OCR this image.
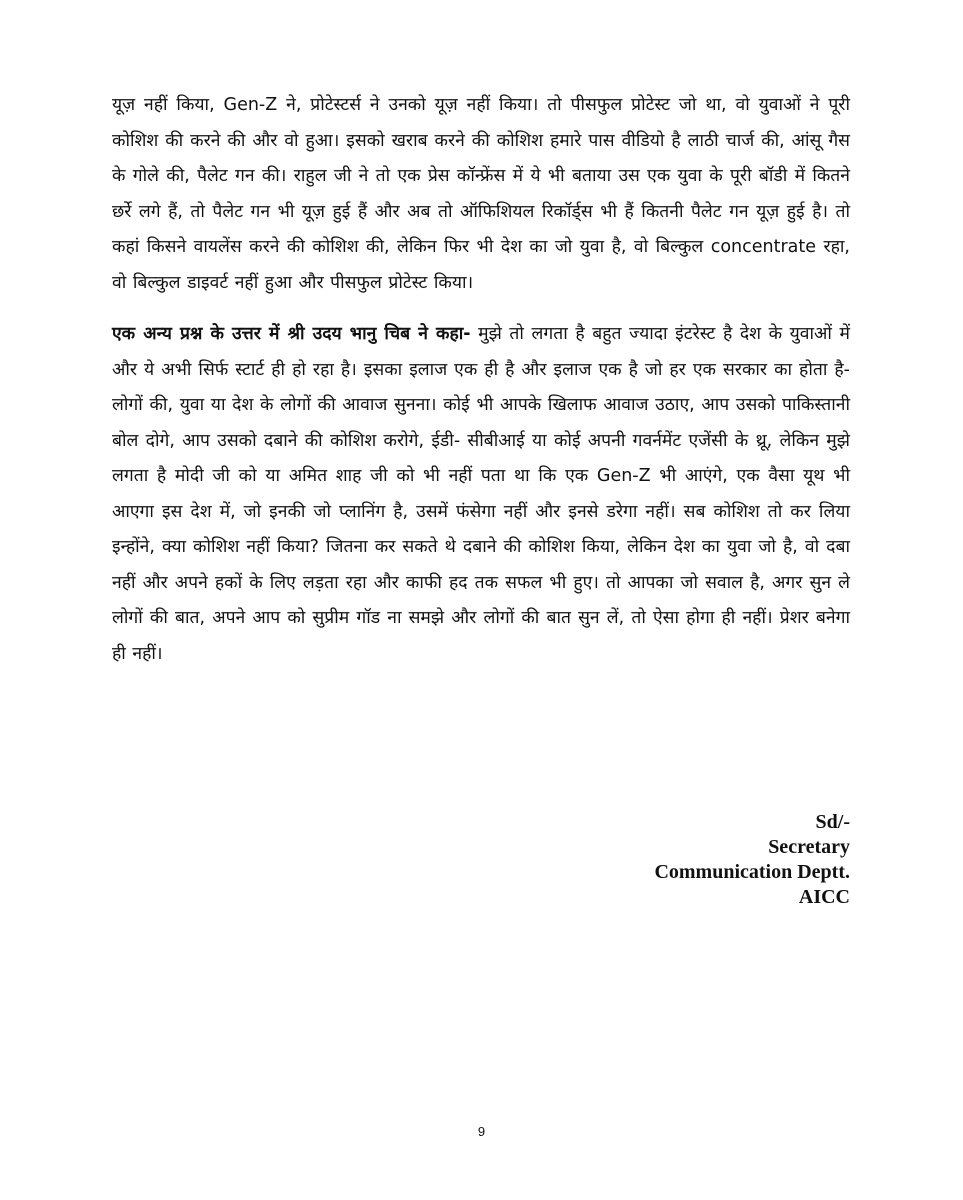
यूज़ नहीं किया, Gen-Z ने, प्रोटेस्टर्स ने उनको यूज़ नहीं किया। तो पीसफुल प्रोटेस्ट जो था, वो युवाओं ने पूरी कोशिश की करने की और वो हुआ। इसको खराब करने की कोशिश हमारे पास वीडियो है लाठी चार्ज की, आंसू गैस के गोले की, पैलेट गन की। राहुल जी ने तो एक प्रेस कॉन्फ्रेंस में ये भी बताया उस एक युवा के पूरी बॉडी में कितने छर्रे लगे हैं, तो पैलेट गन भी यूज़ हुई हैं और अब तो ऑफिशियल रिकॉर्ड्स भी हैं कितनी पैलेट गन यूज़ हुई है। तो कहां किसने वायलेंस करने की कोशिश की, लेकिन फिर भी देश का जो युवा है, वो बिल्कुल concentrate रहा, वो बिल्कुल डाइवर्ट नहीं हुआ और पीसफुल प्रोटेस्ट किया।

एक अन्य प्रश्न के उत्तर में श्री उदय भानु चिब ने कहा- मुझे तो लगता है बहुत ज्यादा इंटरेस्ट है देश के युवाओं में और ये अभी सिर्फ स्टार्ट ही हो रहा है। इसका इलाज एक ही है और इलाज एक है जो हर एक सरकार का होता है- लोगों की, युवा या देश के लोगों की आवाज सुनना। कोई भी आपके खिलाफ आवाज उठाए, आप उसको पाकिस्तानी बोल दोगे, आप उसको दबाने की कोशिश करोगे, ईडी- सीबीआई या कोई अपनी गवर्नमेंट एजेंसी के थ्रू, लेकिन मुझे लगता है मोदी जी को या अमित शाह जी को भी नहीं पता था कि एक Gen-Z भी आएंगे, एक वैसा यूथ भी आएगा इस देश में, जो इनकी जो प्लानिंग है, उसमें फंसेगा नहीं और इनसे डरेगा नहीं। सब कोशिश तो कर लिया इन्होंने, क्या कोशिश नहीं किया? जितना कर सकते थे दबाने की कोशिश किया, लेकिन देश का युवा जो है, वो दबा नहीं और अपने हकों के लिए लड़ता रहा और काफी हद तक सफल भी हुए। तो आपका जो सवाल है, अगर सुन ले लोगों की बात, अपने आप को सुप्रीम गॉड ना समझे और लोगों की बात सुन लें, तो ऐसा होगा ही नहीं। प्रेशर बनेगा ही नहीं।

Sd/-
Secretary
Communication Deptt.
AICC
9
